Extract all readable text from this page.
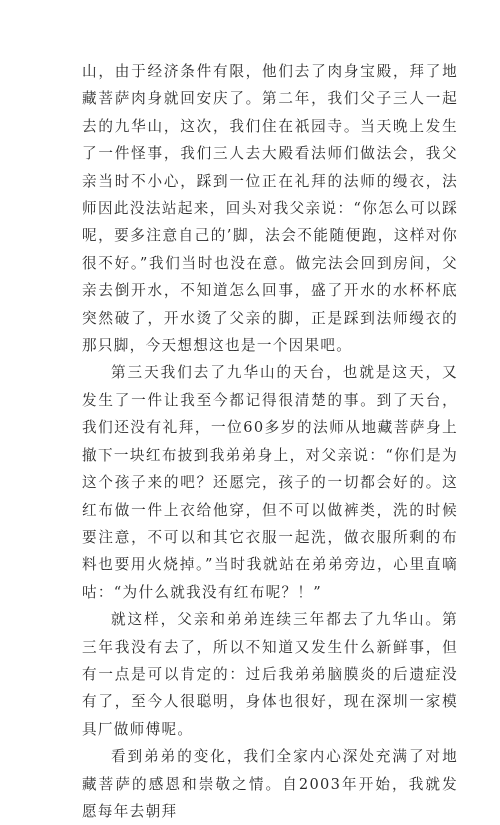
山，由于经济条件有限，他们去了肉身宝殿，拜了地藏菩萨肉身就回安庆了。第二年，我们父子三人一起去的九华山，这次，我们住在祇园寺。当天晚上发生了一件怪事，我们三人去大殿看法师们做法会，我父亲当时不小心，踩到一位正在礼拜的法师的缦衣，法师因此没法站起来，回头对我父亲说：“你怎么可以踩呢，要多注意自己的’脚，法会不能随便跑，这样对你很不好。”我们当时也没在意。做完法会回到房间，父亲去倒开水，不知道怎么回事，盛了开水的水杯杯底突然破了，开水烫了父亲的脚，正是踩到法师缦衣的那只脚，今天想想这也是一个因果吧。

第三天我们去了九华山的天台，也就是这天，又发生了一件让我至今都记得很清楚的事。到了天台，我们还没有礼拜，一位60多岁的法师从地藏菩萨身上撤下一块红布披到我弟弟身上，对父亲说：“你们是为这个孩子来的吧？还愿完，孩子的一切都会好的。这红布做一件上衣给他穿，但不可以做裤类，洗的时候要注意，不可以和其它衣服一起洗，做衣服所剩的布料也要用火烧掉。”当时我就站在弟弟旁边，心里直嘀咕：“为什么就我没有红布呢？！”

就这样，父亲和弟弟连续三年都去了九华山。第三年我没有去了，所以不知道又发生什么新鲜事，但有一点是可以肯定的：过后我弟弟脑膜炎的后遗症没有了，至今人很聪明，身体也很好，现在深圳一家模具厂做师傅呢。

看到弟弟的变化，我们全家内心深处充满了对地藏菩萨的感恩和崇敬之情。自2003年开始，我就发愿每年去朝拜
